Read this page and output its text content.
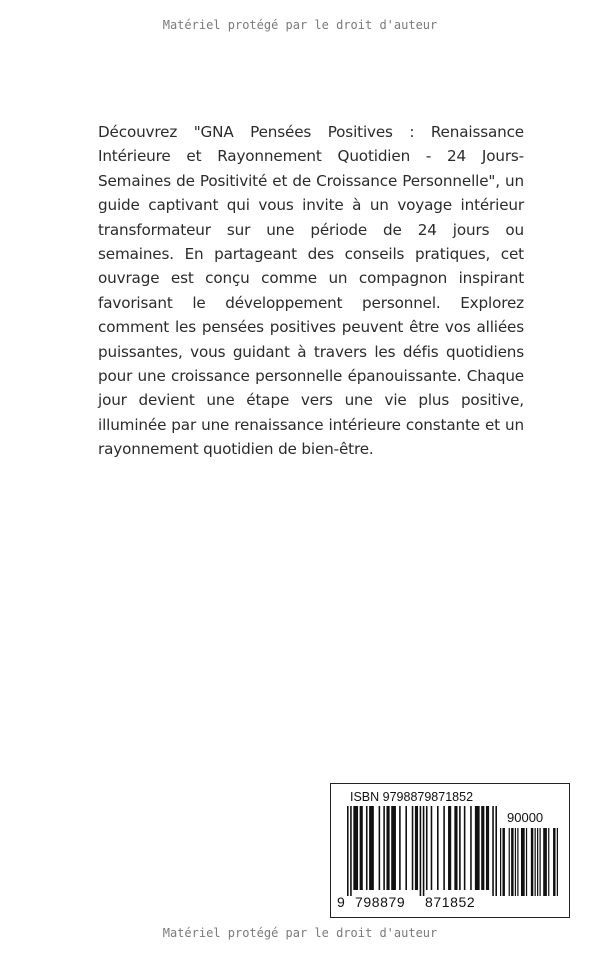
Matériel protégé par le droit d'auteur

Découvrez "GNA Pensées Positives : Renaissance Intérieure et Rayonnement Quotidien - 24 Jours-Semaines de Positivité et de Croissance Personnelle", un guide captivant qui vous invite à un voyage intérieur transformateur sur une période de 24 jours ou semaines. En partageant des conseils pratiques, cet ouvrage est conçu comme un compagnon inspirant favorisant le développement personnel. Explorez comment les pensées positives peuvent être vos alliées puissantes, vous guidant à travers les défis quotidiens pour une croissance personnelle épanouissante. Chaque jour devient une étape vers une vie plus positive, illuminée par une renaissance intérieure constante et un rayonnement quotidien de bien-être.

ISBN 9798879871852
90000
9 798879 871852
Matériel protégé par le droit d'auteur
